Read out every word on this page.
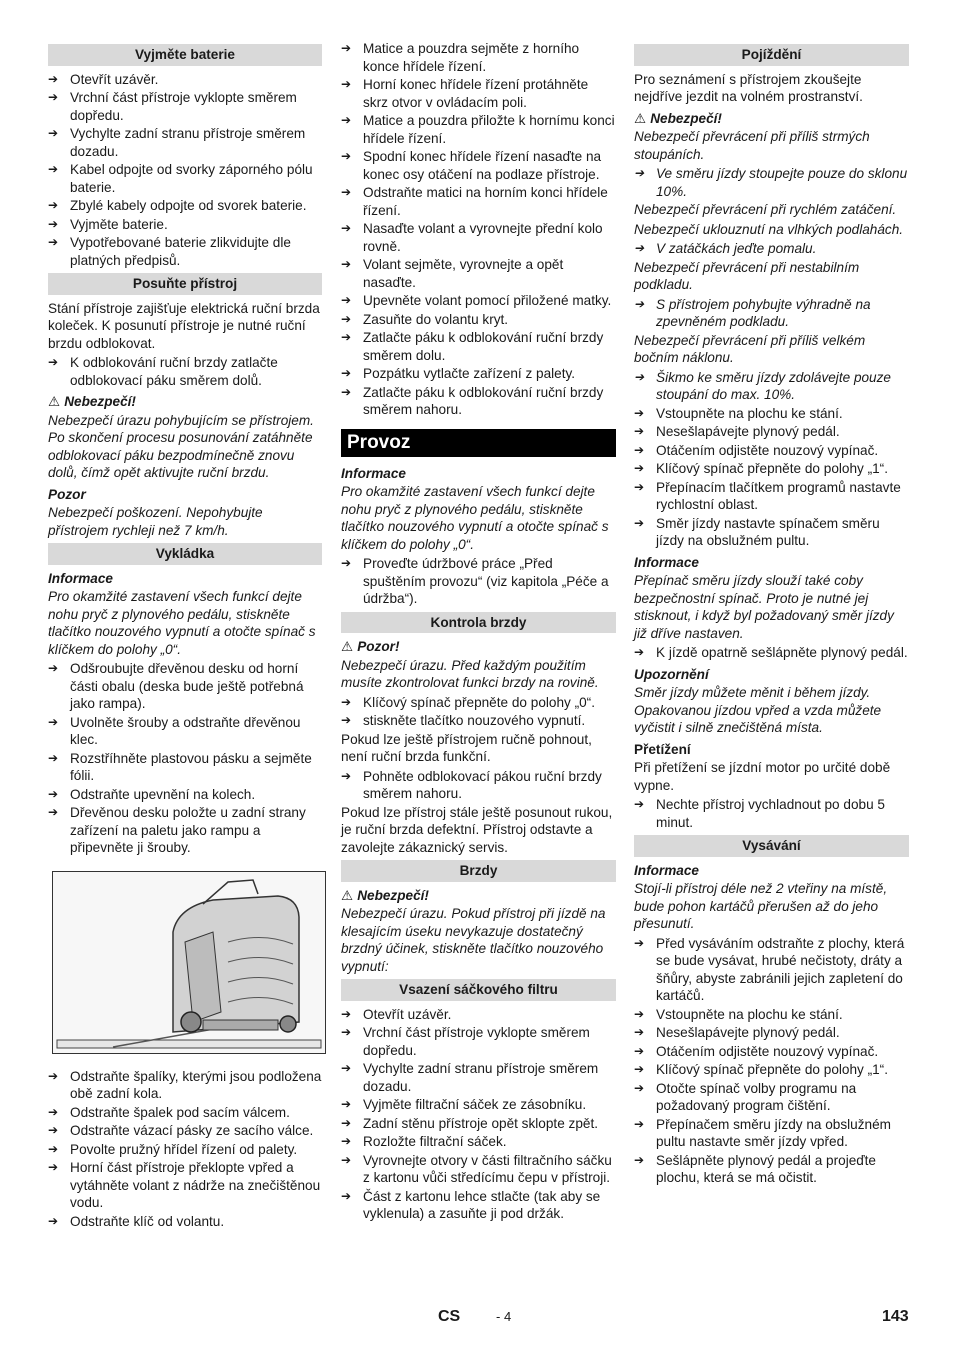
Vyjměte baterie
➔ Otevřít uzávěr.
➔ Vrchní část přístroje vyklopte směrem dopředu.
➔ Vychylte zadní stranu přístroje směrem dozadu.
➔ Kabel odpojte od svorky záporného pólu baterie.
➔ Zbylé kabely odpojte od svorek baterie.
➔ Vyjměte baterie.
➔ Vypotřebované baterie zlikvidujte dle platných předpisů.
Posuňte přístroj
Stání přístroje zajišťuje elektrická ruční brzda koleček. K posunutí přístroje je nutné ruční brzdu odblokovat.
➔ K odblokování ruční brzdy zatlačte odblokovací páku směrem dolů.
⚠ Nebezpečí!
Nebezpečí úrazu pohybujícím se přístrojem. Po skončení procesu posunování zatáhněte odblokovací páku bezpodmínečně znovu dolů, čímž opět aktivujte ruční brzdu.
Pozor
Nebezpečí poškození. Nepohybujte přístrojem rychleji než 7 km/h.
Vykládka
Informace
Pro okamžité zastavení všech funkcí dejte nohu pryč z plynového pedálu, stiskněte tlačítko nouzového vypnutí a otočte spínač s klíčkem do polohy „0“.
➔ Odšroubujte dřevěnou desku od horní části obalu (deska bude ještě potřebná jako rampa).
➔ Uvolněte šrouby a odstraňte dřevěnou klec.
➔ Rozstříhněte plastovou pásku a sejměte fólii.
➔ Odstraňte upevnění na kolech.
➔ Dřevěnou desku položte u zadní strany zařízení na paletu jako rampu a připevněte ji šrouby.
➔ Odstraňte špalíky, kterými jsou podložena obě zadní kola.
➔ Odstraňte špalek pod sacím válcem.
➔ Odstraňte vázací pásky ze sacího válce.
➔ Povolte pružný hřídel řízení od palety.
➔ Horní část přístroje překlopte vpřed a vytáhněte volant z nádrže na znečištěnou vodu.
➔ Odstraňte klíč od volantu.
➔ Matice a pouzdra sejměte z horního konce hřídele řízení.
➔ Horní konec hřídele řízení protáhněte skrz otvor v ovládacím poli.
➔ Matice a pouzdra přiložte k hornímu konci hřídele řízení.
➔ Spodní konec hřídele řízení nasaďte na konec osy otáčení na podlaze přístroje.
➔ Odstraňte matici na horním konci hřídele řízení.
➔ Nasaďte volant a vyrovnejte přední kolo rovně.
➔ Volant sejměte, vyrovnejte a opět nasaďte.
➔ Upevněte volant pomocí přiložené matky.
➔ Zasuňte do volantu kryt.
➔ Zatlačte páku k odblokování ruční brzdy směrem dolu.
➔ Pozpátku vytlačte zařízení z palety.
➔ Zatlačte páku k odblokování ruční brzdy směrem nahoru.
Provoz
Informace
Pro okamžité zastavení všech funkcí dejte nohu pryč z plynového pedálu, stiskněte tlačítko nouzového vypnutí a otočte spínač s klíčkem do polohy „0“.
➔ Proveďte údržbové práce „Před spuštěním provozu“ (viz kapitola „Péče a údržba“).
Kontrola brzdy
⚠ Pozor!
Nebezpečí úrazu. Před každým použitím musíte zkontrolovat funkci brzdy na rovině.
➔ Klíčový spínač přepněte do polohy „0“.
➔ stiskněte tlačítko nouzového vypnutí.
Pokud lze ještě přístrojem ručně pohnout, není ruční brzda funkční.
➔ Pohněte odblokovací pákou ruční brzdy směrem nahoru.
Pokud lze přístroj stále ještě posunout rukou, je ruční brzda defektní. Přístroj odstavte a zavolejte zákaznický servis.
Brzdy
⚠ Nebezpečí!
Nebezpečí úrazu. Pokud přístroj při jízdě na klesajícím úseku nevykazuje dostatečný brzdný účinek, stiskněte tlačítko nouzového vypnutí:
Vsazení sáčkového filtru
➔ Otevřít uzávěr.
➔ Vrchní část přístroje vyklopte směrem dopředu.
➔ Vychylte zadní stranu přístroje směrem dozadu.
➔ Vyjměte filtrační sáček ze zásobníku.
➔ Zadní stěnu přístroje opět sklopte zpět.
➔ Rozložte filtrační sáček.
➔ Vyrovnejte otvory v části filtračního sáčku z kartonu vůči středícímu čepu v přístroji.
➔ Část z kartonu lehce stlačte (tak aby se vyklenula) a zasuňte ji pod držák.
Pojíždění
Pro seznámení s přístrojem zkoušejte nejdříve jezdit na volném prostranství.
⚠ Nebezpečí!
Nebezpečí převrácení při příliš strmých stoupáních.
➔ Ve směru jízdy stoupejte pouze do sklonu 10%.
Nebezpečí převrácení při rychlém zatáčení.
Nebezpečí uklouznutí na vlhkých podlahách.
➔ V zatáčkách jeďte pomalu.
Nebezpečí převrácení při nestabilním podkladu.
➔ S přístrojem pohybujte výhradně na zpevněném podkladu.
Nebezpečí převrácení při příliš velkém bočním náklonu.
➔ Šikmo ke směru jízdy zdolávejte pouze stoupání do max. 10%.
➔ Vstoupněte na plochu ke stání.
➔ Nesešlapávejte plynový pedál.
➔ Otáčením odjistěte nouzový vypínač.
➔ Klíčový spínač přepněte do polohy „1“.
➔ Přepínacím tlačítkem programů nastavte rychlostní oblast.
➔ Směr jízdy nastavte spínačem směru jízdy na obslužném pultu.
Informace
Přepínač směru jízdy slouží také coby bezpečnostní spínač. Proto je nutné jej stisknout, i když byl požadovaný směr jízdy již dříve nastaven.
➔ K jízdě opatrně sešlápněte plynový pedál.
Upozornění
Směr jízdy můžete měnit i během jízdy. Opakovanou jízdou vpřed a vzda můžete vyčistit i silně znečištěná místa.
Přetížení
Při přetížení se jízdní motor po určité době vypne.
➔ Nechte přístroj vychladnout po dobu 5 minut.
Vysávání
Informace
Stojí-li přístroj déle než 2 vteřiny na místě, bude pohon kartáčů přerušen až do jeho přesunutí.
➔ Před vysáváním odstraňte z plochy, která se bude vysávat, hrubé nečistoty, dráty a šňůry, abyste zabránili jejich zapletení do kartáčů.
➔ Vstoupněte na plochu ke stání.
➔ Nesešlapávejte plynový pedál.
➔ Otáčením odjistěte nouzový vypínač.
➔ Klíčový spínač přepněte do polohy „1“.
➔ Otočte spínač volby programu na požadovaný program čištění.
➔ Přepínačem směru jízdy na obslužném pultu nastavte směr jízdy vpřed.
➔ Sešlápněte plynový pedál a projeďte plochu, která se má očistit.
CS	- 4	143
